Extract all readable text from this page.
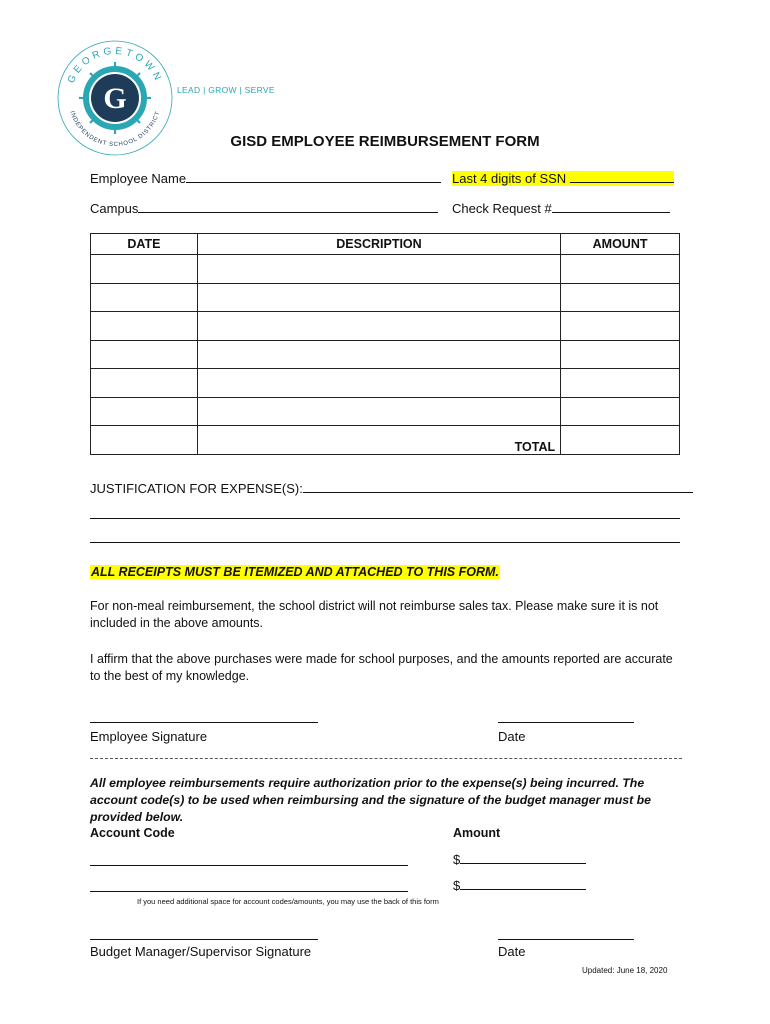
G
GEORGETOWN
INDEPENDENT SCHOOL DISTRICT
LEAD | GROW | SERVE
GISD EMPLOYEE REIMBURSEMENT FORM
Employee Name	Last 4 digits of SSN
Campus	Check Request #
DATE	DESCRIPTION	AMOUNT

	TOTAL	
JUSTIFICATION FOR EXPENSE(S):
ALL RECEIPTS MUST BE ITEMIZED AND ATTACHED TO THIS FORM.
For non-meal reimbursement, the school district will not reimburse sales tax. Please make sure it is not included in the above amounts.
I affirm that the above purchases were made for school purposes, and the amounts reported are accurate to the best of my knowledge.
Employee Signature	Date
All employee reimbursements require authorization prior to the expense(s) being incurred. The account code(s) to be used when reimbursing and the signature of the budget manager must be provided below.
Account Code	Amount
$
$
If you need additional space for account codes/amounts, you may use the back of this form
Budget Manager/Supervisor Signature	Date
Updated: June 18, 2020
